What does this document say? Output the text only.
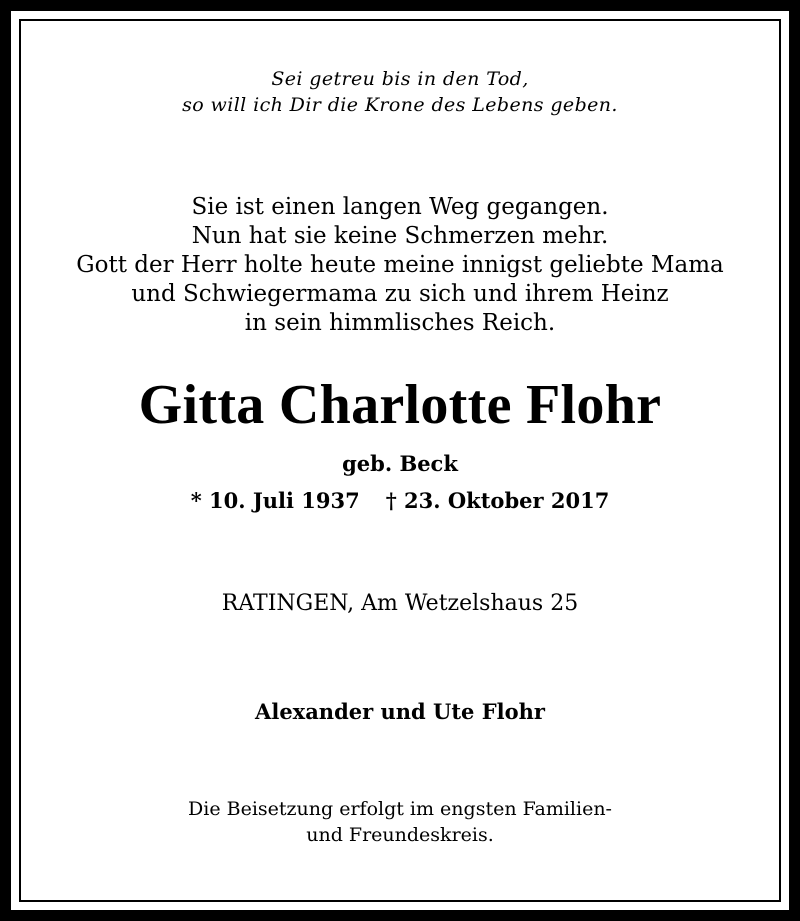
Sei getreu bis in den Tod,
so will ich Dir die Krone des Lebens geben.
Sie ist einen langen Weg gegangen.
Nun hat sie keine Schmerzen mehr.
Gott der Herr holte heute meine innigst geliebte Mama
und Schwiegermama zu sich und ihrem Heinz
in sein himmlisches Reich.
Gitta Charlotte Flohr
geb. Beck
* 10. Juli 1937 † 23. Oktober 2017
RATINGEN, Am Wetzelshaus 25
Alexander und Ute Flohr
Die Beisetzung erfolgt im engsten Familien-
und Freundeskreis.
